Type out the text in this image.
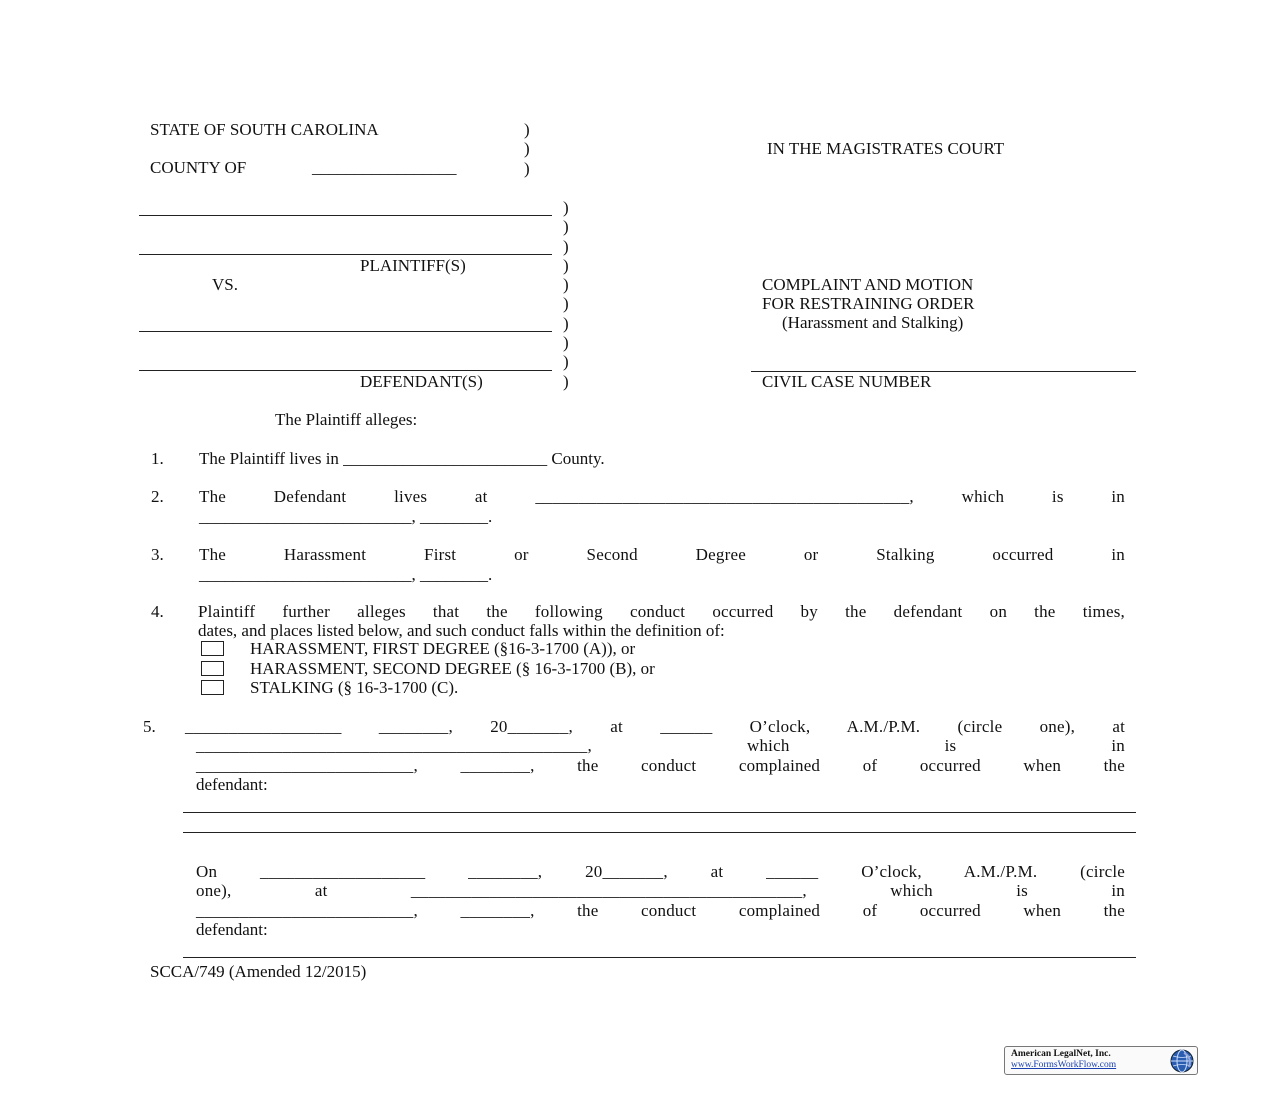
STATE OF SOUTH CAROLINA
COUNTY OF	_________________
)
)
)
IN THE MAGISTRATES COURT
PLAINTIFF(S)
VS.
DEFENDANT(S)
)
)
)
)
)
)
)
)
)
)
COMPLAINT AND MOTION
FOR RESTRAINING ORDER
(Harassment and Stalking)
CIVIL CASE NUMBER
The Plaintiff alleges:
1. The Plaintiff lives in ________________________ County.
2. The Defendant lives at ___________________________________________, which is in
_________________________, ________.
3. The Harassment First or Second Degree or Stalking occurred in
_________________________, ________.
4. Plaintiff further alleges that the following conduct occurred by the defendant on the times,
dates, and places listed below, and such conduct falls within the definition of:
HARASSMENT, FIRST DEGREE (§16-3-1700 (A)), or
HARASSMENT, SECOND DEGREE (§ 16-3-1700 (B), or
STALKING (§ 16-3-1700 (C).
5. __________________ ________, 20_______, at ______ O’clock, A.M./P.M. (circle one), at
_____________________________________________, which is in
_________________________, ________, the conduct complained of occurred when the
defendant:
On ___________________ ________, 20_______, at ______ O’clock, A.M./P.M. (circle
one), at _____________________________________________, which is in
_________________________, ________, the conduct complained of occurred when the
defendant:
SCCA/749 (Amended 12/2015)
American LegalNet, Inc.
www.FormsWorkFlow.com
